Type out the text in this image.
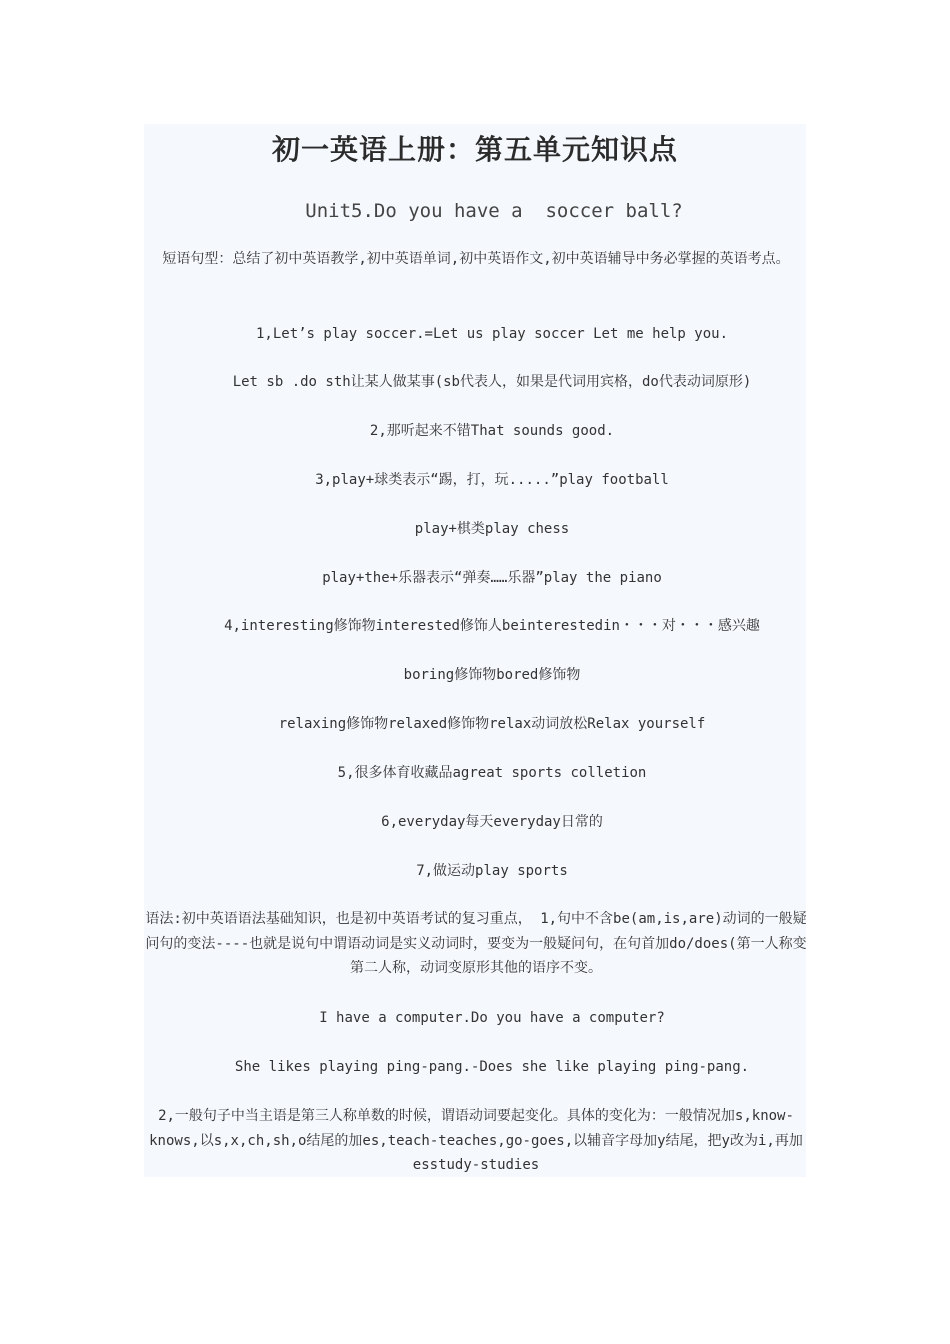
初一英语上册：第五单元知识点
Unit5.Do you have a  soccer ball?
短语句型：总结了初中英语教学,初中英语单词,初中英语作文,初中英语辅导中务必掌握的英语考点。
1,Let’s play soccer.=Let us play soccer Let me help you.
Let sb .do sth让某人做某事(sb代表人，如果是代词用宾格，do代表动词原形)
2,那听起来不错That sounds good.
3,play+球类表示“踢，打，玩.....”play football
play+棋类play chess
play+the+乐器表示“弹奏……乐器”play the piano
4,interesting修饰物interested修饰人beinterestedin・・・对・・・感兴趣
boring修饰物bored修饰物
relaxing修饰物relaxed修饰物relax动词放松Relax yourself
5,很多体育收藏品agreat sports colletion
6,everyday每天everyday日常的
7,做运动play sports
语法:初中英语语法基础知识，也是初中英语考试的复习重点， 1,句中不含be(am,is,are)动词的一般疑问句的变法----也就是说句中谓语动词是实义动词时，要变为一般疑问句，在句首加do/does(第一人称变第二人称，动词变原形其他的语序不变。
I have a computer.Do you have a computer?
She likes playing ping-pang.-Does she like playing ping-pang.
2,一般句子中当主语是第三人称单数的时候，谓语动词要起变化。具体的变化为：一般情况加s,know-knows,以s,x,ch,sh,o结尾的加es,teach-teaches,go-goes,以辅音字母加y结尾，把y改为i,再加esstudy-studies
